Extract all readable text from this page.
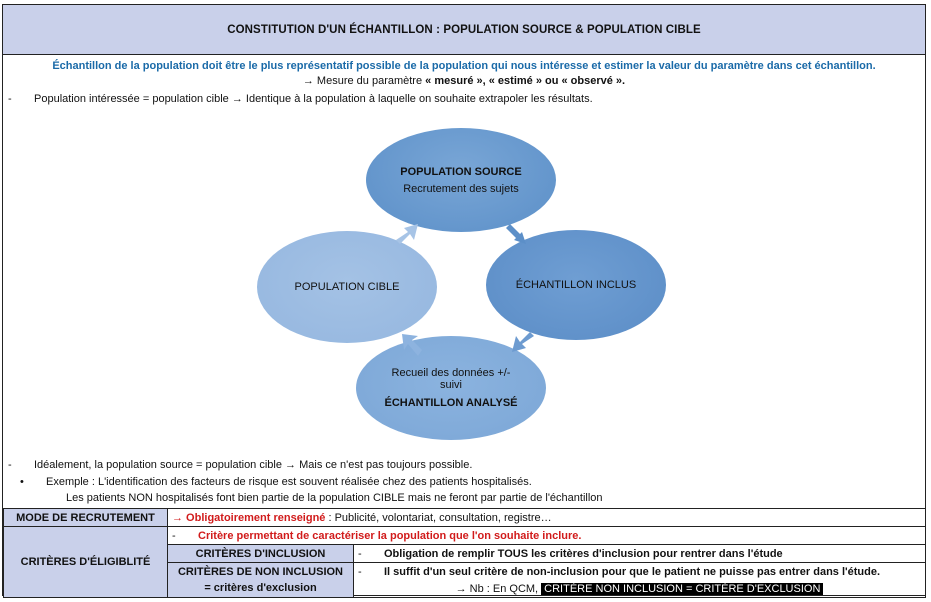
CONSTITUTION D'UN ÉCHANTILLON : POPULATION SOURCE & POPULATION CIBLE
Échantillon de la population doit être le plus représentatif possible de la population qui nous intéresse et estimer la valeur du paramètre dans cet échantillon.
→ Mesure du paramètre « mesuré », « estimé » ou « observé ».
- Population intéressée = population cible → Identique à la population à laquelle on souhaite extrapoler les résultats.
POPULATION SOURCE
Recrutement des sujets
ÉCHANTILLON INCLUS
POPULATION CIBLE
Recueil des données +/- suivi
ÉCHANTILLON ANALYSÉ
- Idéalement, la population source = population cible → Mais ce n'est pas toujours possible.
• Exemple : L'identification des facteurs de risque est souvent réalisée chez des patients hospitalisés.
Les patients NON hospitalisés font bien partie de la population CIBLE mais ne feront par partie de l'échantillon
MODE DE RECRUTEMENT	→ Obligatoirement renseigné : Publicité, volontariat, consultation, registre…	
CRITÈRES D'ÉLIGIBLITÉ	- Critère permettant de caractériser la population que l'on souhaite inclure.	
	CRITÈRES D'INCLUSION	- Obligation de remplir TOUS les critères d'inclusion pour rentrer dans l'étude

	CRITÈRES DE NON INCLUSION
= critères d'exclusion	- Il suffit d'un seul critère de non-inclusion pour que le patient ne puisse pas entrer dans l'étude.
		→ Nb : En QCM, CRITÈRE NON INCLUSION = CRITÈRE D'EXCLUSION
